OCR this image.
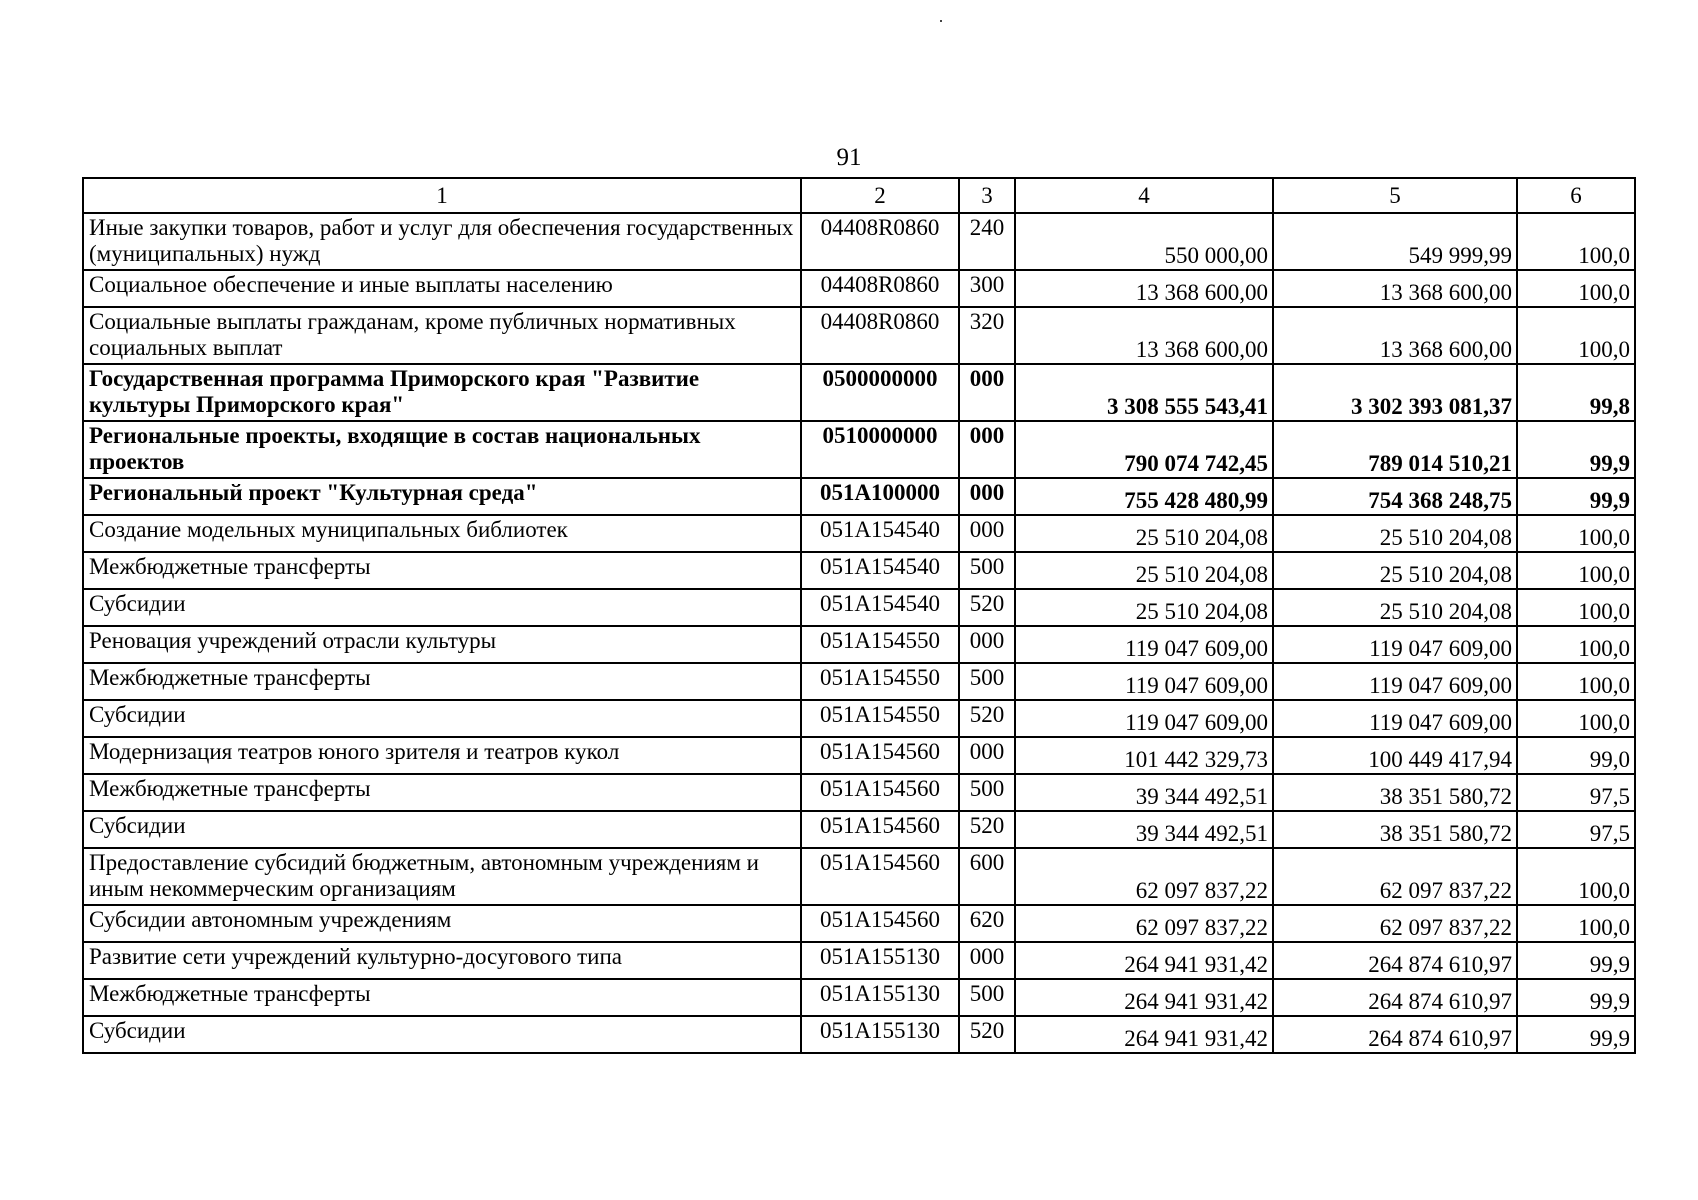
91
1	2	3	4	5	6
Иные закупки товаров, работ и услуг для обеспечения государственных (муниципальных) нужд	04408R0860	240	550 000,00	549 999,99	100,0
Социальное обеспечение и иные выплаты населению	04408R0860	300	13 368 600,00	13 368 600,00	100,0
Социальные выплаты гражданам, кроме публичных нормативных социальных выплат	04408R0860	320	13 368 600,00	13 368 600,00	100,0
Государственная программа Приморского края "Развитие культуры Приморского края"	0500000000	000	3 308 555 543,41	3 302 393 081,37	99,8
Региональные проекты, входящие в состав национальных проектов	0510000000	000	790 074 742,45	789 014 510,21	99,9
Региональный проект "Культурная среда"	051A100000	000	755 428 480,99	754 368 248,75	99,9
Создание модельных муниципальных библиотек	051A154540	000	25 510 204,08	25 510 204,08	100,0
Межбюджетные трансферты	051A154540	500	25 510 204,08	25 510 204,08	100,0
Субсидии	051A154540	520	25 510 204,08	25 510 204,08	100,0
Реновация учреждений отрасли культуры	051A154550	000	119 047 609,00	119 047 609,00	100,0
Межбюджетные трансферты	051A154550	500	119 047 609,00	119 047 609,00	100,0
Субсидии	051A154550	520	119 047 609,00	119 047 609,00	100,0
Модернизация театров юного зрителя и театров кукол	051A154560	000	101 442 329,73	100 449 417,94	99,0
Межбюджетные трансферты	051A154560	500	39 344 492,51	38 351 580,72	97,5
Субсидии	051A154560	520	39 344 492,51	38 351 580,72	97,5
Предоставление субсидий бюджетным, автономным учреждениям и иным некоммерческим организациям	051A154560	600	62 097 837,22	62 097 837,22	100,0
Субсидии автономным учреждениям	051A154560	620	62 097 837,22	62 097 837,22	100,0
Развитие сети учреждений культурно-досугового типа	051A155130	000	264 941 931,42	264 874 610,97	99,9
Межбюджетные трансферты	051A155130	500	264 941 931,42	264 874 610,97	99,9
Субсидии	051A155130	520	264 941 931,42	264 874 610,97	99,9
